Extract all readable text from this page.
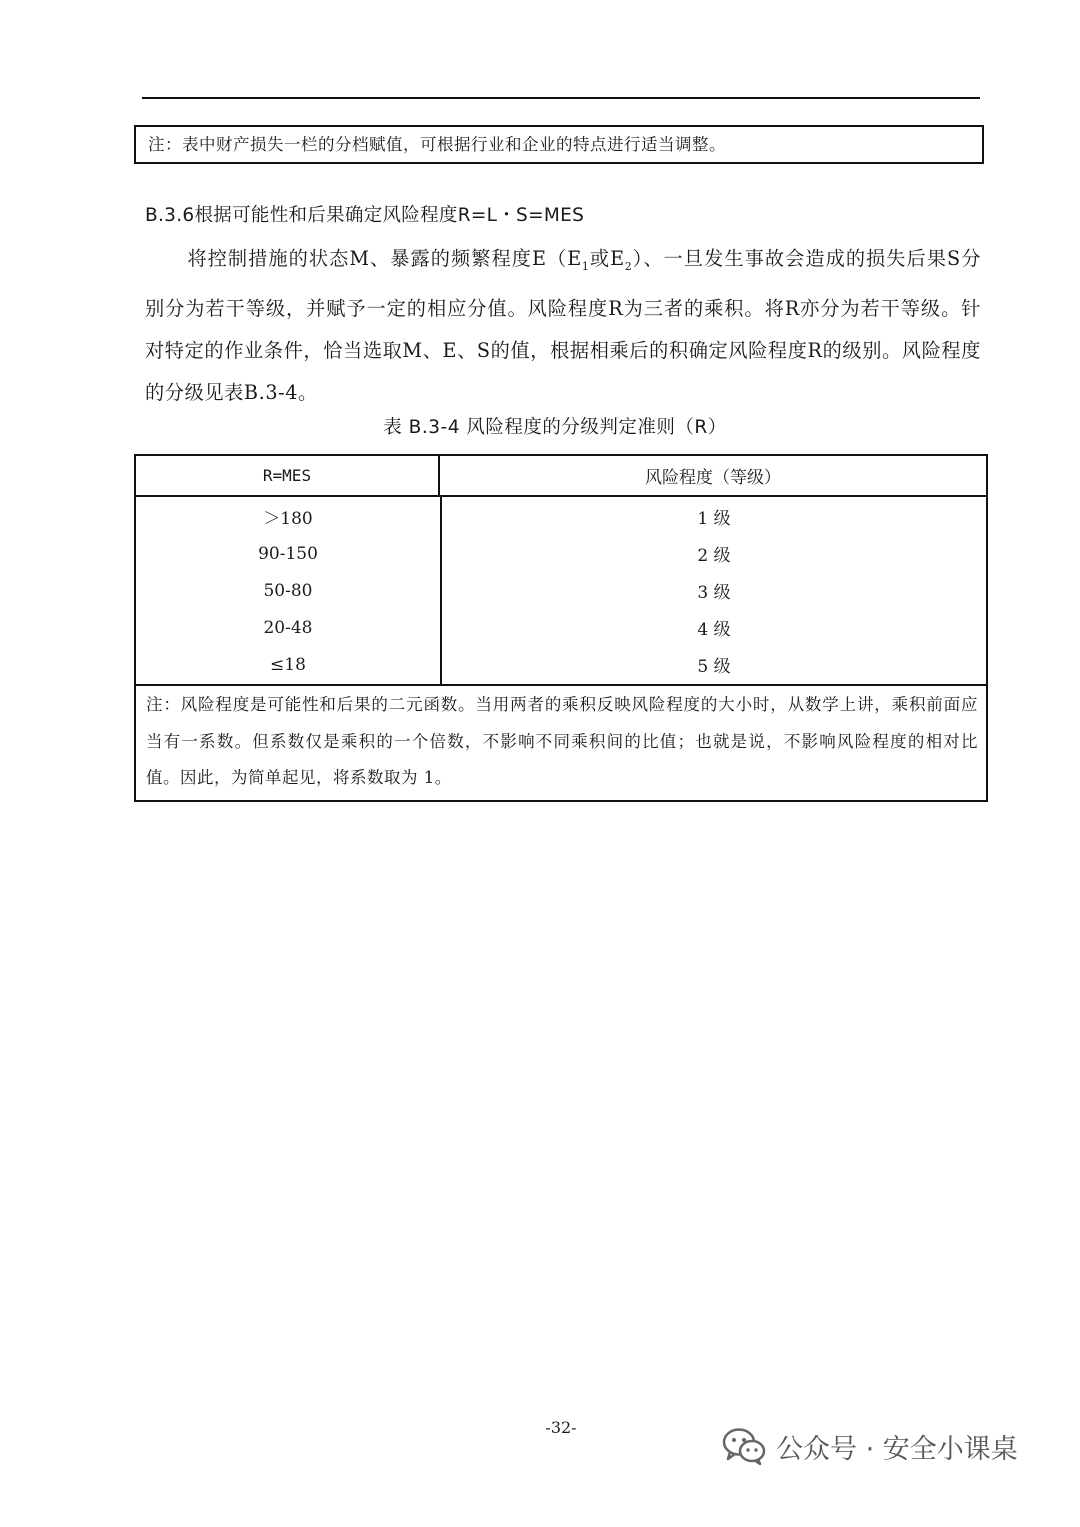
注：表中财产损失一栏的分档赋值，可根据行业和企业的特点进行适当调整。
B.3.6根据可能性和后果确定风险程度R=L・S=MES

将控制措施的状态M、暴露的频繁程度$E(E_1$或$E_2$）、一旦发生事故会造成的损失后果S分别分为若干等级，并赋予一定的相应分值。风险程度R为三者的乘积。将R亦分为若干等级。针对特定的作业条件，恰当选取M、E、S的值，根据相乘后的积确定风险程度R的级别。风险程度的分级见表B.3-4。

表 B.3-4 风险程度的分级判定准则（R）
R=MES	风险程度（等级）
＞180
90-150
50-80
20-48
≤18
1 级
2 级
3 级
4 级
5 级
注：风险程度是可能性和后果的二元函数。当用两者的乘积反映风险程度的大小时，从数学上讲，乘积前面应当有一系数。但系数仅是乘积的一个倍数，不影响不同乘积间的比值；也就是说，不影响风险程度的相对比值。因此，为简单起见，将系数取为 1。
-32-
公众号 · 安全小课桌
